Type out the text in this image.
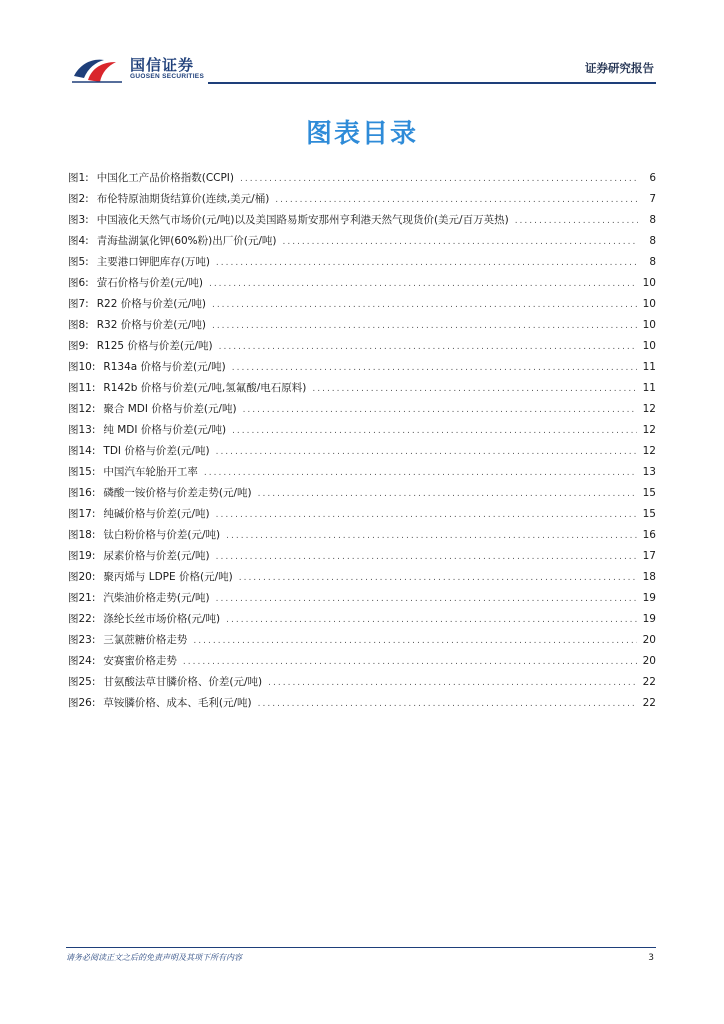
国信证券
GUOSEN SECURITIES
证券研究报告
图表目录
图1: 中国化工产品价格指数(CCPI) .....	6
图2: 布伦特原油期货结算价(连续,美元/桶) .....	7
图3: 中国液化天然气市场价(元/吨)以及美国路易斯安那州亨利港天然气现货价(美元/百万英热) .....	8
图4: 青海盐湖氯化钾(60%粉)出厂价(元/吨) .....	8
图5: 主要港口钾肥库存(万吨) .....	8
图6: 萤石价格与价差(元/吨) .....	10
图7: R22 价格与价差(元/吨) .....	10
图8: R32 价格与价差(元/吨) .....	10
图9: R125 价格与价差(元/吨) .....	10
图10: R134a 价格与价差(元/吨) .....	11
图11: R142b 价格与价差(元/吨,氢氟酸/电石原料) .....	11
图12: 聚合 MDI 价格与价差(元/吨) .....	12
图13: 纯 MDI 价格与价差(元/吨) .....	12
图14: TDI 价格与价差(元/吨) .....	12
图15: 中国汽车轮胎开工率 .....	13
图16: 磷酸一铵价格与价差走势(元/吨) .....	15
图17: 纯碱价格与价差(元/吨) .....	15
图18: 钛白粉价格与价差(元/吨) .....	16
图19: 尿素价格与价差(元/吨) .....	17
图20: 聚丙烯与 LDPE 价格(元/吨) .....	18
图21: 汽柴油价格走势(元/吨) .....	19
图22: 涤纶长丝市场价格(元/吨) .....	19
图23: 三氯蔗糖价格走势 .....	20
图24: 安赛蜜价格走势 .....	20
图25: 甘氨酸法草甘膦价格、价差(元/吨) .....	22
图26: 草铵膦价格、成本、毛利(元/吨) .....	22
请务必阅读正文之后的免责声明及其项下所有内容	3
